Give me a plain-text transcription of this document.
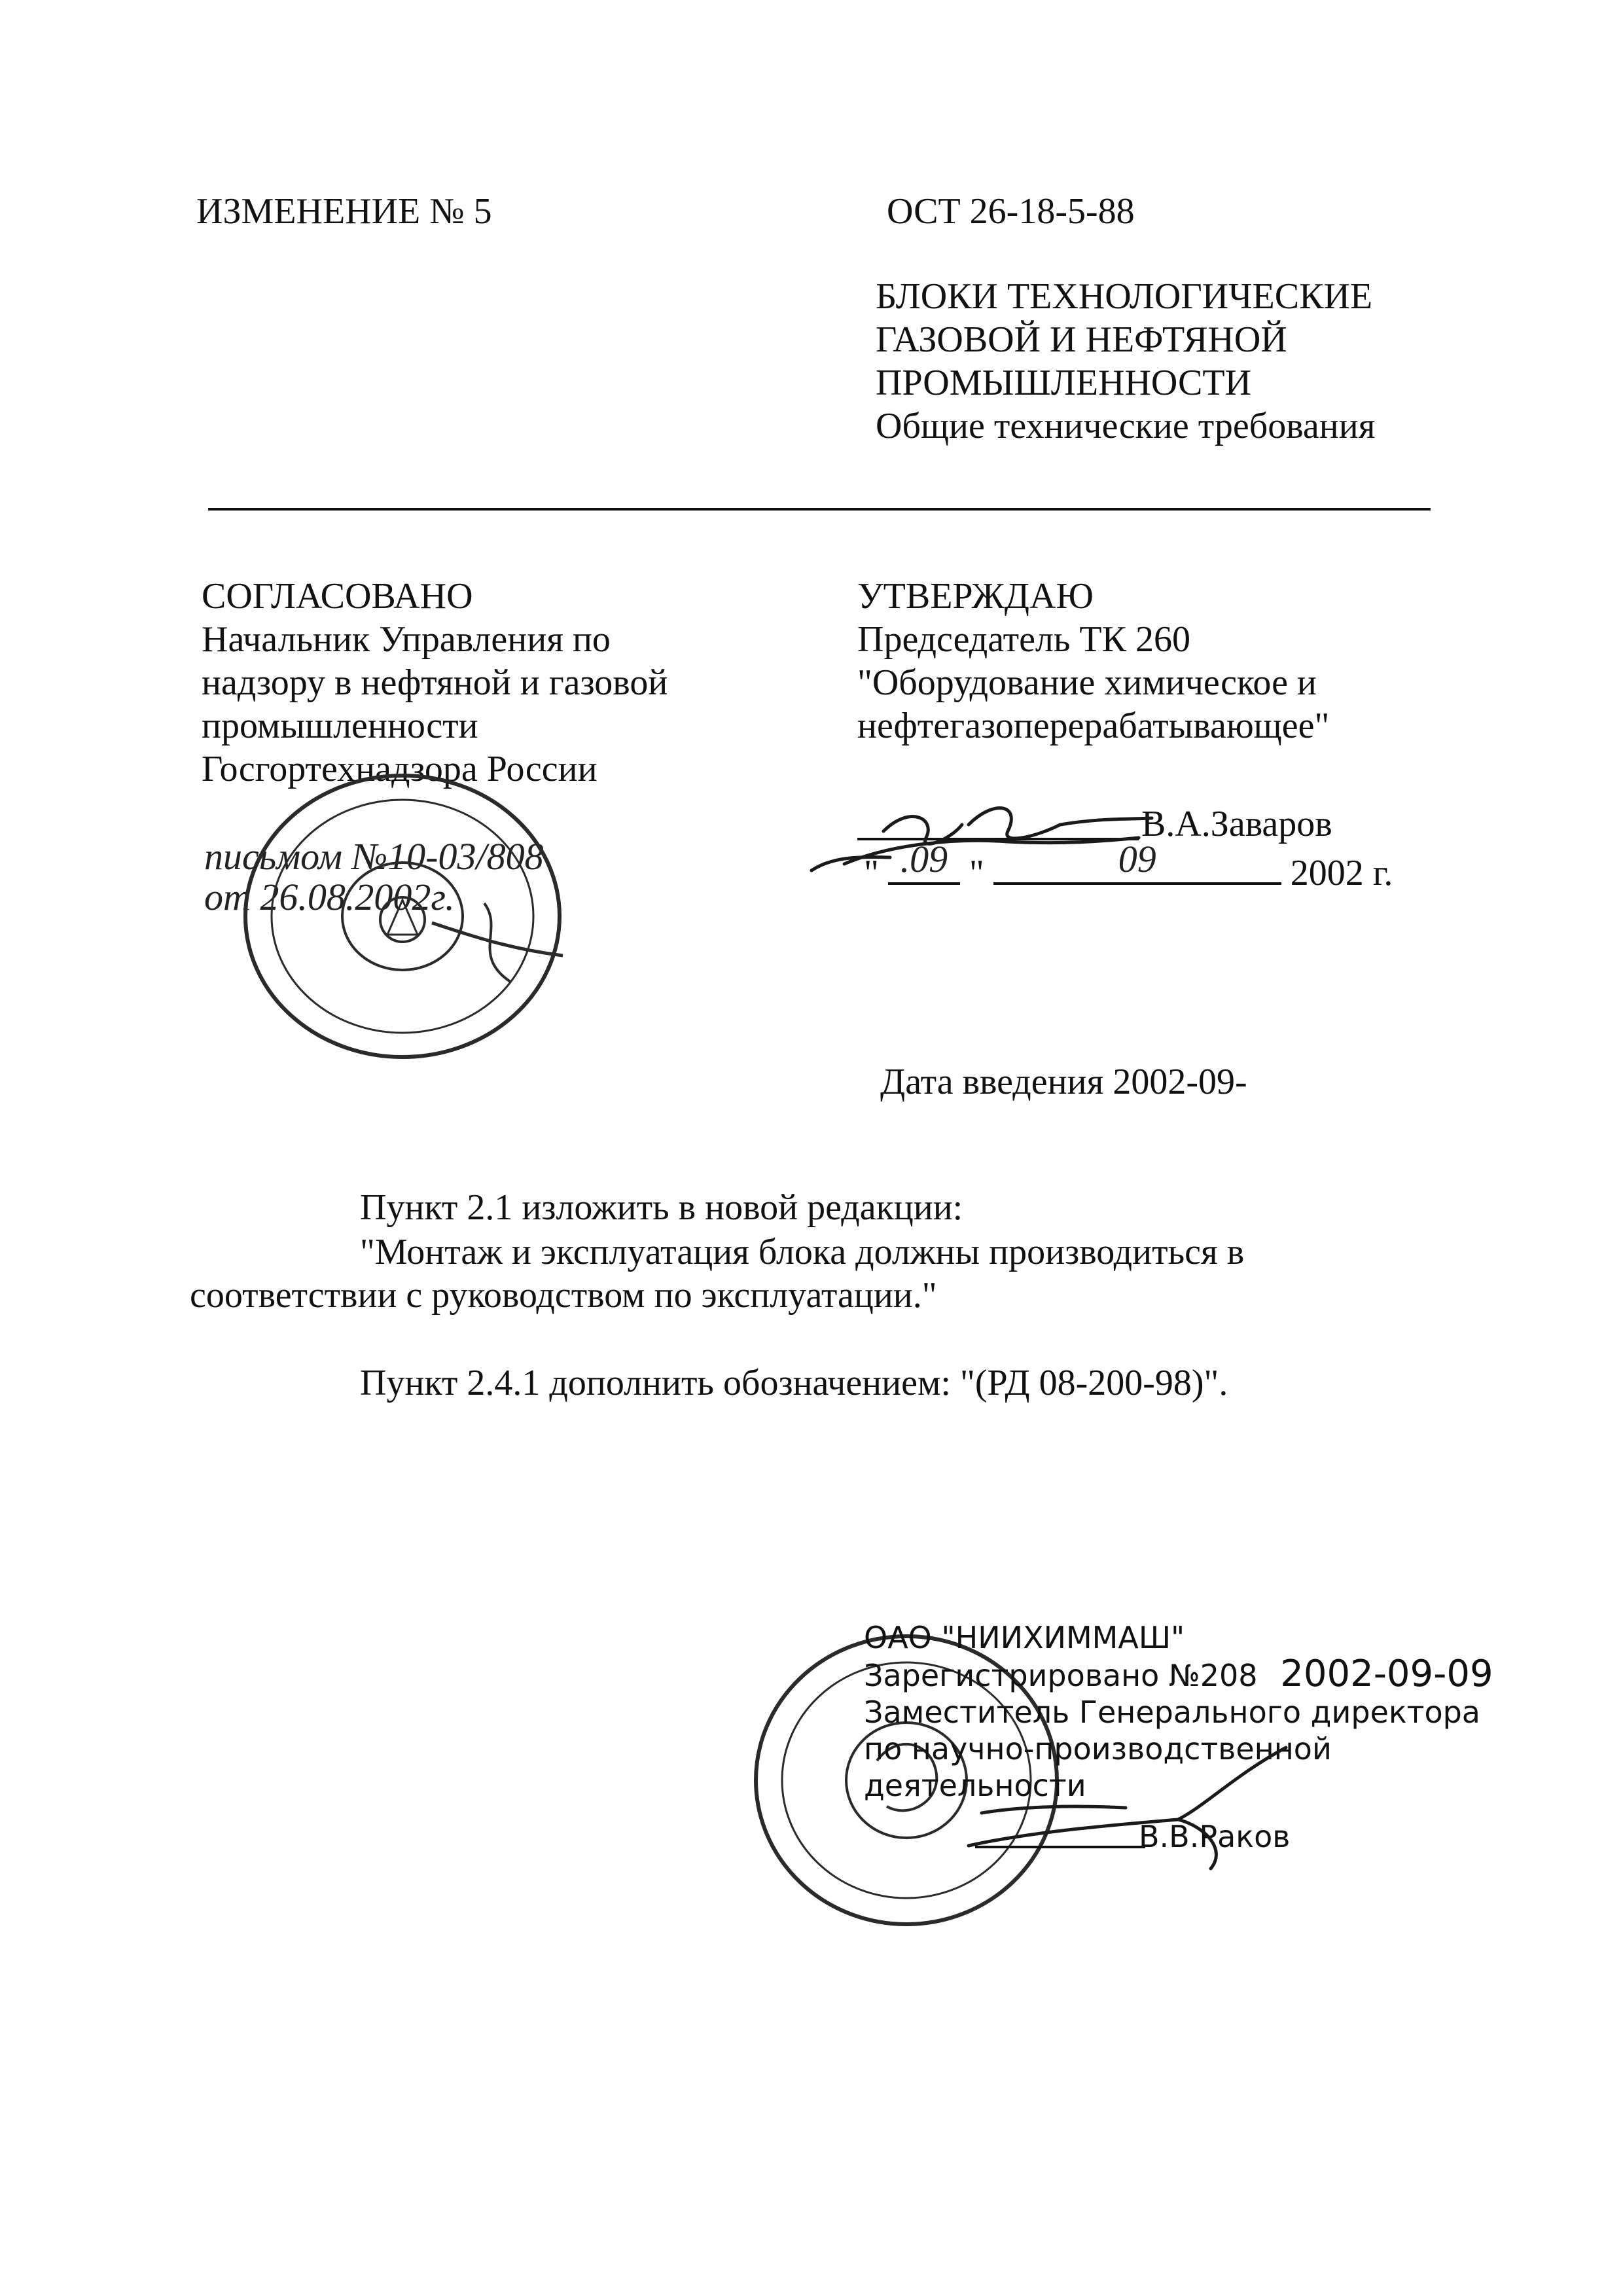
ИЗМЕНЕНИЕ № 5	ОСТ 26-18-5-88
БЛОКИ ТЕХНОЛОГИЧЕСКИЕ
ГАЗОВОЙ И НЕФТЯНОЙ
ПРОМЫШЛЕННОСТИ
Общие технические требования
СОГЛАСОВАНО
Начальник Управления по
надзору в нефтяной и газовой
промышленности
Госгортехнадзора России
письмом №10-03/808
от 26.08.2002г.
УТВЕРЖДАЮ
Председатель ТК 260
"Оборудование химическое и
нефтегазоперерабатывающее"
В.А.Заваров
" .09 "	09	2002 г.
Дата введения 2002-09-
Пункт 2.1 изложить в новой редакции:
"Монтаж и эксплуатация блока должны производиться в
соответствии с руководством по эксплуатации."
Пункт 2.4.1 дополнить обозначением: "(РД 08-200-98)".
ОАО "НИИХИММАШ"
Зарегистрировано №208 2002-09-09
Заместитель Генерального директора
по научно-производственной
деятельности
В.В.Раков
